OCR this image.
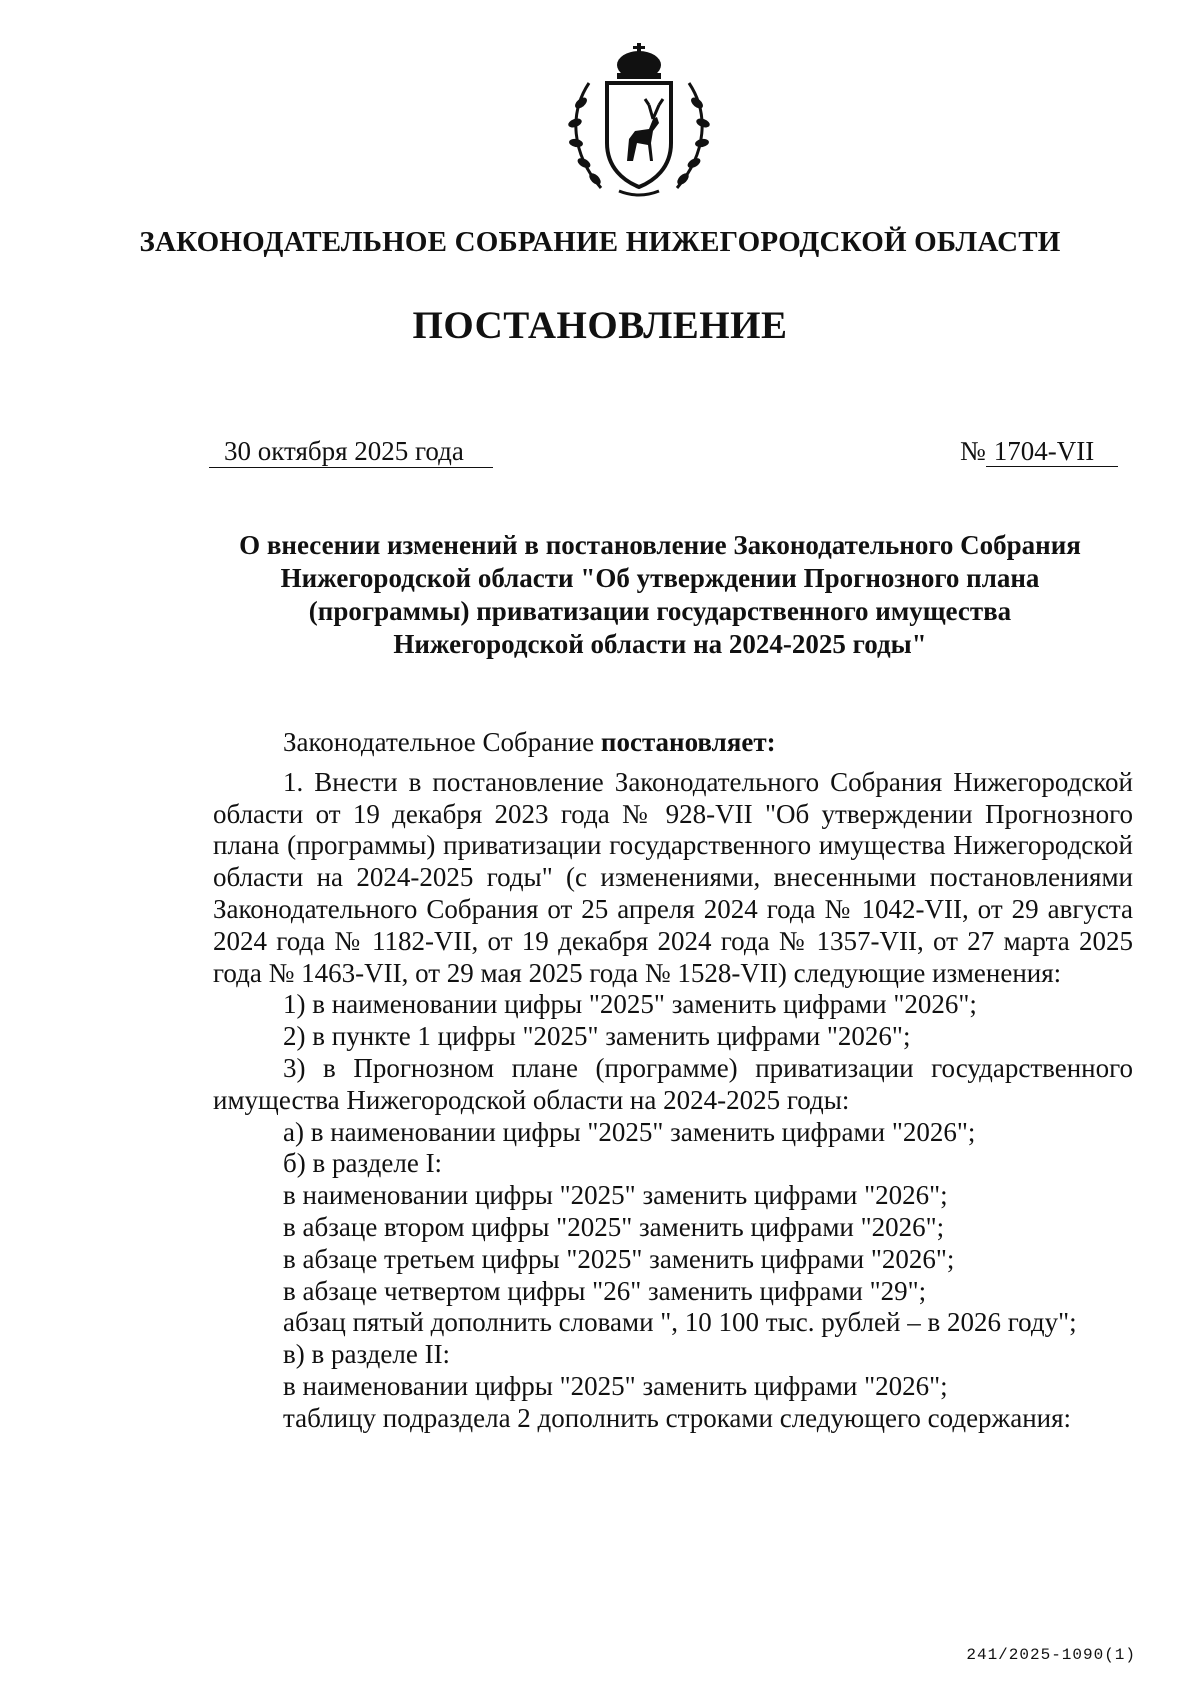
ЗАКОНОДАТЕЛЬНОЕ СОБРАНИЕ НИЖЕГОРОДСКОЙ ОБЛАСТИ
ПОСТАНОВЛЕНИЕ
30 октября 2025 года	№ 1704-VII
О внесении изменений в постановление Законодательного Собрания
Нижегородской области "Об утверждении Прогнозного плана
(программы) приватизации государственного имущества
Нижегородской области на 2024-2025 годы"

Законодательное Собрание постановляет:

1. Внести в постановление Законодательного Собрания Нижегородской области от 19 декабря 2023 года № 928-VII "Об утверждении Прогнозного плана (программы) приватизации государственного имущества Нижегородской области на 2024-2025 годы" (с изменениями, внесенными постановлениями Законодательного Собрания от 25 апреля 2024 года № 1042-VII, от 29 августа 2024 года № 1182-VII, от 19 декабря 2024 года № 1357-VII, от 27 марта 2025 года № 1463-VII, от 29 мая 2025 года № 1528-VII) следующие изменения:

1) в наименовании цифры "2025" заменить цифрами "2026";

2) в пункте 1 цифры "2025" заменить цифрами "2026";

3) в Прогнозном плане (программе) приватизации государственного имущества Нижегородской области на 2024-2025 годы:

а) в наименовании цифры "2025" заменить цифрами "2026";

б) в разделе I:

в наименовании цифры "2025" заменить цифрами "2026";

в абзаце втором цифры "2025" заменить цифрами "2026";

в абзаце третьем цифры "2025" заменить цифрами "2026";

в абзаце четвертом цифры "26" заменить цифрами "29";

абзац пятый дополнить словами ", 10 100 тыс. рублей – в 2026 году";

в) в разделе II:

в наименовании цифры "2025" заменить цифрами "2026";

таблицу подраздела 2 дополнить строками следующего содержания:

241/2025-1090(1)
